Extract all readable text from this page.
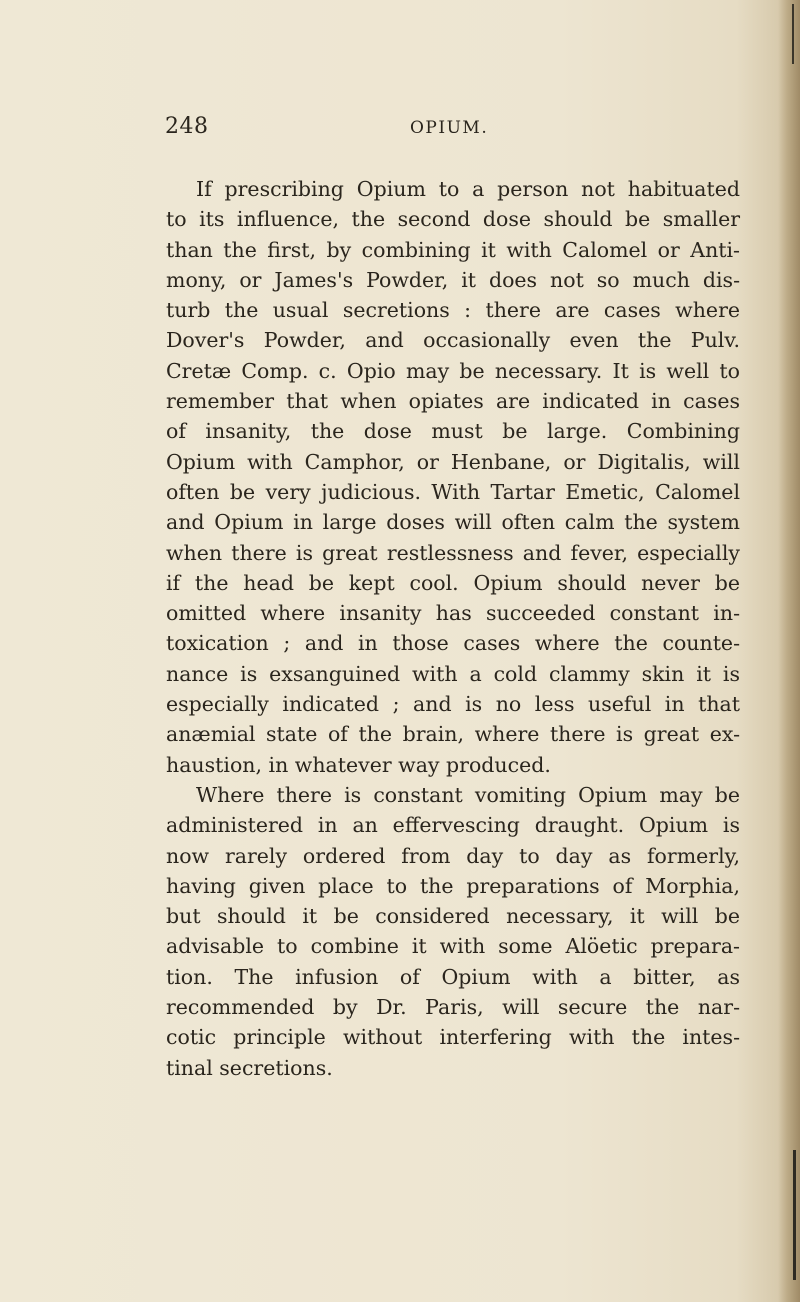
248	OPIUM.
If prescribing Opium to a person not habituated
to its influence, the second dose should be smaller
than the first, by combining it with Calomel or Anti-
mony, or James's Powder, it does not so much dis-
turb the usual secretions : there are cases where
Dover's Powder, and occasionally even the Pulv.
Cretæ Comp. c. Opio may be necessary. It is well to
remember that when opiates are indicated in cases
of insanity, the dose must be large. Combining
Opium with Camphor, or Henbane, or Digitalis, will
often be very judicious. With Tartar Emetic, Calomel
and Opium in large doses will often calm the system
when there is great restlessness and fever, especially
if the head be kept cool. Opium should never be
omitted where insanity has succeeded constant in-
toxication ; and in those cases where the counte-
nance is exsanguined with a cold clammy skin it is
especially indicated ; and is no less useful in that
anæmial state of the brain, where there is great ex-
haustion, in whatever way produced.
Where there is constant vomiting Opium may be
administered in an effervescing draught. Opium is
now rarely ordered from day to day as formerly,
having given place to the preparations of Morphia,
but should it be considered necessary, it will be
advisable to combine it with some Alöetic prepara-
tion. The infusion of Opium with a bitter, as
recommended by Dr. Paris, will secure the nar-
cotic principle without interfering with the intes-
tinal secretions.
